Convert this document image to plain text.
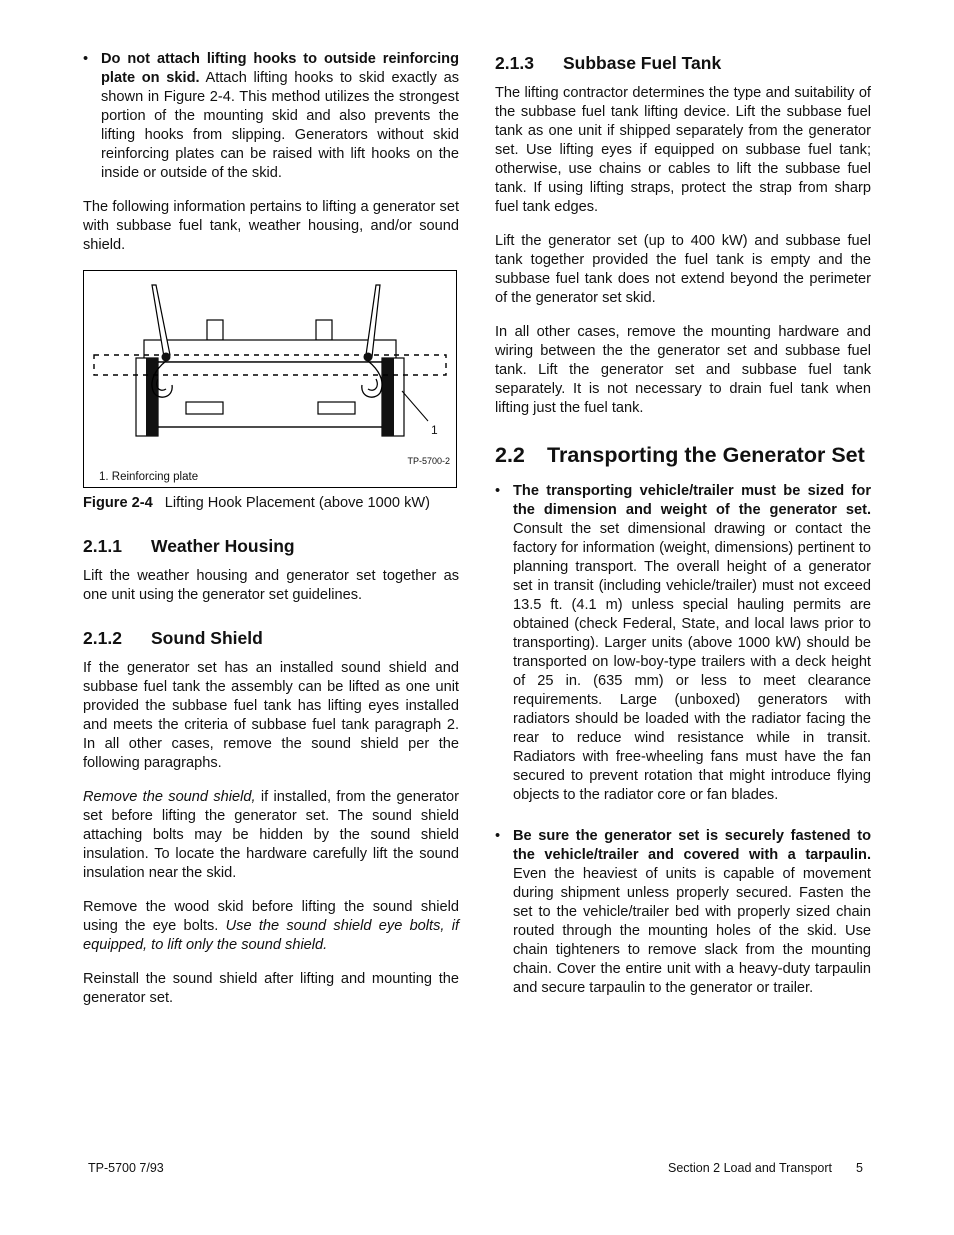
• Do not attach lifting hooks to outside reinforcing plate on skid. Attach lifting hooks to skid exactly as shown in Figure 2-4. This method utilizes the strongest portion of the mounting skid and also prevents the lifting hooks from slipping. Generators without skid reinforcing plates can be raised with lift hooks on the inside or outside of the skid.

The following information pertains to lifting a generator set with subbase fuel tank, weather housing, and/or sound shield.

1
TP-5700-2
1. Reinforcing plate
Figure 2-4 Lifting Hook Placement (above 1000 kW)
2.1.1 Weather Housing

Lift the weather housing and generator set together as one unit using the generator set guidelines.

2.1.2 Sound Shield

If the generator set has an installed sound shield and subbase fuel tank the assembly can be lifted as one unit provided the subbase fuel tank has lifting eyes installed and meets the criteria of subbase fuel tank paragraph 2. In all other cases, remove the sound shield per the following paragraphs.

Remove the sound shield, if installed, from the generator set before lifting the generator set. The sound shield attaching bolts may be hidden by the sound shield insulation. To locate the hardware carefully lift the sound insulation near the skid.

Remove the wood skid before lifting the sound shield using the eye bolts. Use the sound shield eye bolts, if equipped, to lift only the sound shield.

Reinstall the sound shield after lifting and mounting the generator set.

2.1.3 Subbase Fuel Tank

The lifting contractor determines the type and suitability of the subbase fuel tank lifting device. Lift the subbase fuel tank as one unit if shipped separately from the generator set. Use lifting eyes if equipped on subbase fuel tank; otherwise, use chains or cables to lift the subbase fuel tank. If using lifting straps, protect the strap from sharp fuel tank edges.

Lift the generator set (up to 400 kW) and subbase fuel tank together provided the fuel tank is empty and the subbase fuel tank does not extend beyond the perimeter of the generator set skid.

In all other cases, remove the mounting hardware and wiring between the the generator set and subbase fuel tank. Lift the generator set and subbase fuel tank separately. It is not necessary to drain fuel tank when lifting just the fuel tank.

2.2 Transporting the Generator Set
• The transporting vehicle/trailer must be sized for the dimension and weight of the generator set. Consult the set dimensional drawing or contact the factory for information (weight, dimensions) pertinent to planning transport. The overall height of a generator set in transit (including vehicle/trailer) must not exceed 13.5 ft. (4.1 m) unless special hauling permits are obtained (check Federal, State, and local laws prior to transporting). Larger units (above 1000 kW) should be transported on low-boy-type trailers with a deck height of 25 in. (635 mm) or less to meet clearance requirements. Large (unboxed) generators with radiators should be loaded with the radiator facing the rear to reduce wind resistance while in transit. Radiators with free-wheeling fans must have the fan secured to prevent rotation that might introduce flying objects to the radiator core or fan blades.
• Be sure the generator set is securely fastened to the vehicle/trailer and covered with a tarpaulin. Even the heaviest of units is capable of movement during shipment unless properly secured. Fasten the set to the vehicle/trailer bed with properly sized chain routed through the mounting holes of the skid. Use chain tighteners to remove slack from the mounting chain. Cover the entire unit with a heavy-duty tarpaulin and secure tarpaulin to the generator or trailer.
TP-5700 7/93	Section 2 Load and Transport 5
